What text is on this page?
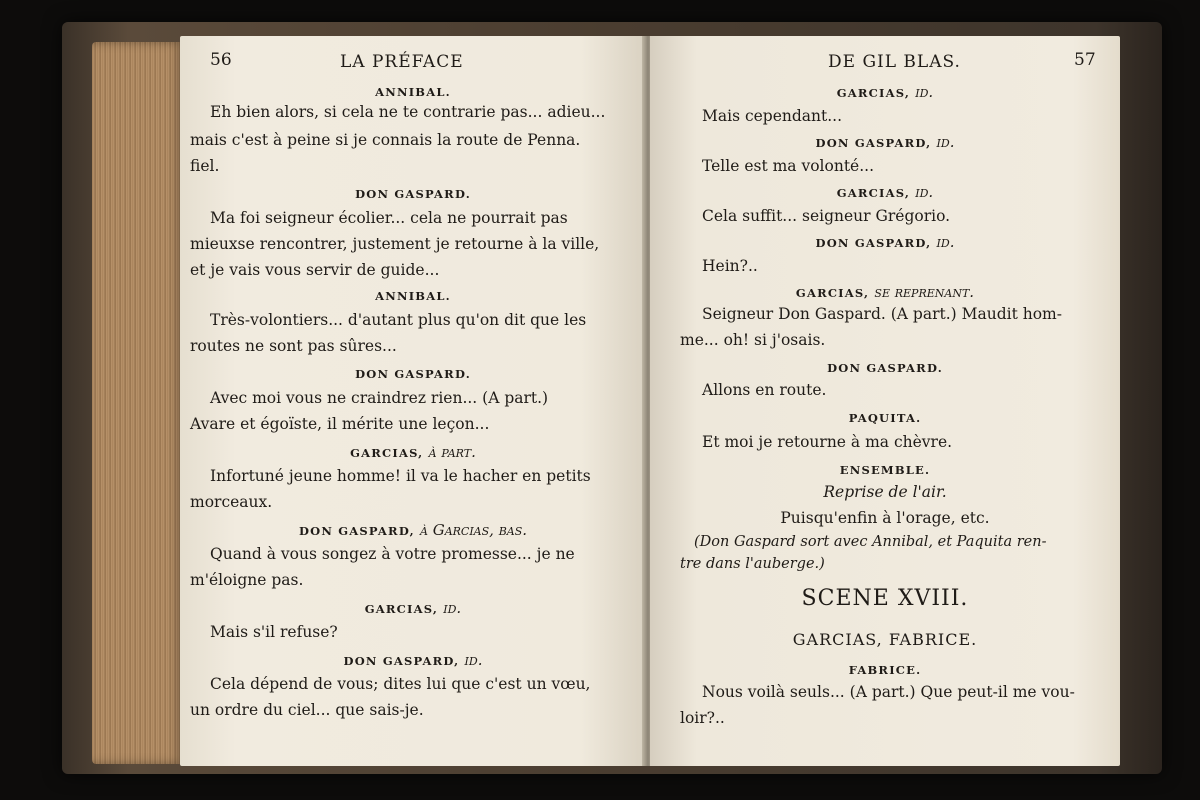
56	LA PRÉFACE
ANNIBAL.
Eh bien alors, si cela ne te contrarie pas... adieu...
mais c'est à peine si je connais la route de Penna.
fiel.
DON GASPARD.
Ma foi seigneur écolier... cela ne pourrait pas
mieuxse rencontrer, justement je retourne à la ville,
et je vais vous servir de guide...
ANNIBAL.
Très-volontiers... d'autant plus qu'on dit que les
routes ne sont pas sûres...
DON GASPARD.
Avec moi vous ne craindrez rien... (A part.)
Avare et égoïste, il mérite une leçon...
GARCIAS, à part.
Infortuné jeune homme! il va le hacher en petits
morceaux.
DON GASPARD, à Garcias, bas.
Quand à vous songez à votre promesse... je ne
m'éloigne pas.
GARCIAS, id.
Mais s'il refuse?
DON GASPARD, id.
Cela dépend de vous; dites lui que c'est un vœu,
un ordre du ciel... que sais-je.
DE GIL BLAS.	57
GARCIAS, id.
Mais cependant...
DON GASPARD, id.
Telle est ma volonté...
GARCIAS, id.
Cela suffit... seigneur Grégorio.
DON GASPARD, id.
Hein?..
GARCIAS, se reprenant.
Seigneur Don Gaspard. (A part.) Maudit hom-
me... oh! si j'osais.
DON GASPARD.
Allons en route.
PAQUITA.
Et moi je retourne à ma chèvre.
ENSEMBLE.
Reprise de l'air.
Puisqu'enfin à l'orage, etc.
(Don Gaspard sort avec Annibal, et Paquita ren-
tre dans l'auberge.)
SCENE XVIII.
GARCIAS, FABRICE.
FABRICE.
Nous voilà seuls... (A part.) Que peut-il me vou-
loir?..
